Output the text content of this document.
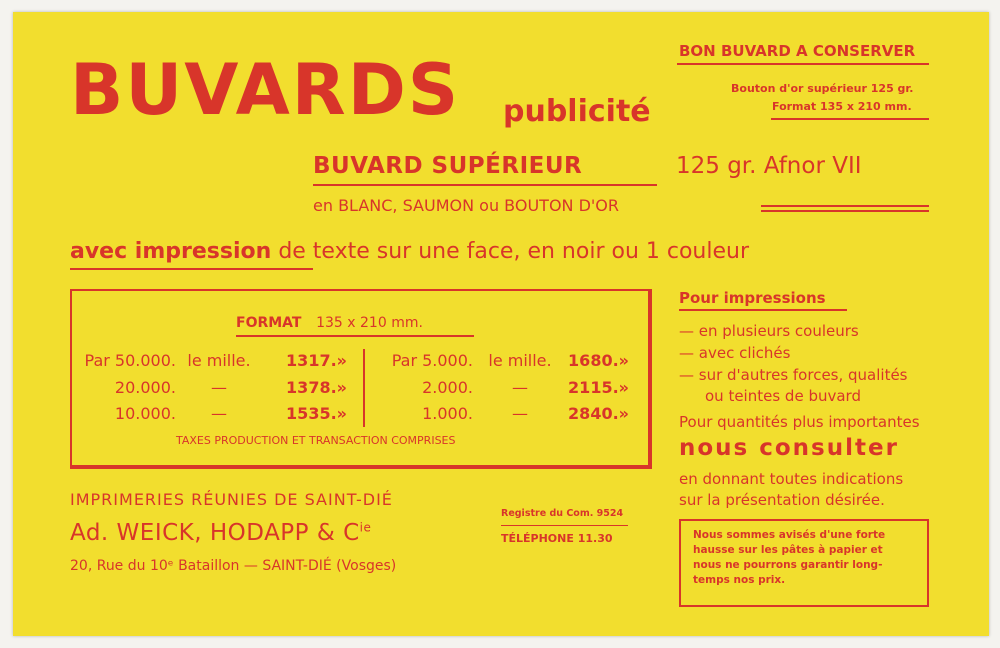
BUVARDS publicité
BON BUVARD A CONSERVER
Bouton d'or supérieur 125 gr.
Format 135 x 210 mm.
BUVARD SUPÉRIEUR	125 gr. Afnor VII
en BLANC, SAUMON ou BOUTON D'OR
avec impression de texte sur une face, en noir ou 1 couleur
FORMAT 135 x 210 mm.
Par 50.000. le mille.	1317.»
20.000.	—	1378.»
10.000.	—	1535.»
Par 5.000. le mille.	1680.»
2.000.	—	2115.»
1.000.	—	2840.»
TAXES PRODUCTION ET TRANSACTION COMPRISES
Pour impressions
— en plusieurs couleurs
— avec clichés
— sur d'autres forces, qualités
ou teintes de buvard
Pour quantités plus importantes
nous consulter
en donnant toutes indications
sur la présentation désirée.
Nous sommes avisés d'une forte
hausse sur les pâtes à papier et
nous ne pourrons garantir long-
temps nos prix.
IMPRIMERIES RÉUNIES DE SAINT-DIÉ
Ad. WEICK, HODAPP & $C^{ie}$
20, Rue du 10ᵉ Bataillon — SAINT-DIÉ (Vosges)
Registre du Com. 9524
TÉLÉPHONE 11.30
